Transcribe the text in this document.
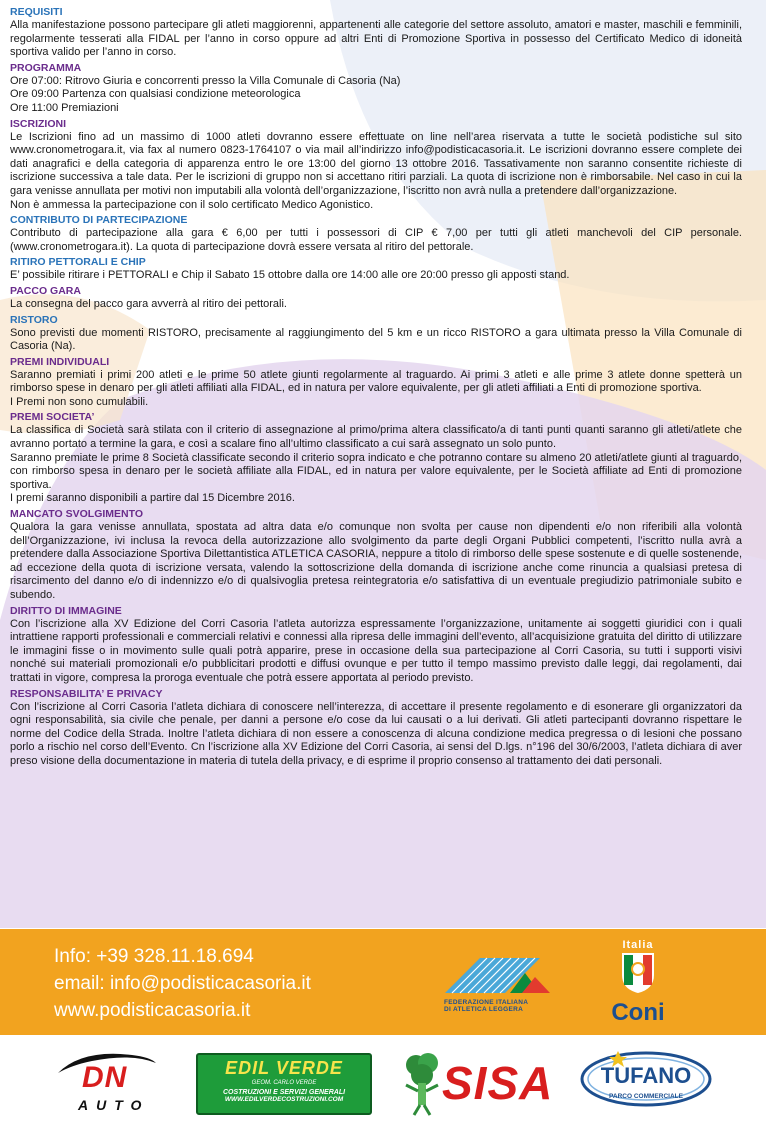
REQUISITI
Alla manifestazione possono partecipare gli atleti maggiorenni, appartenenti alle categorie del settore assoluto, amatori e master, maschili e femminili, regolarmente tesserati alla FIDAL per l’anno in corso oppure ad altri Enti di Promozione Sportiva in possesso del Certificato Medico di idoneità sportiva valido per l’anno in corso.
PROGRAMMA
Ore 07:00: Ritrovo Giuria e concorrenti presso la Villa Comunale di Casoria (Na)
Ore 09:00 Partenza con qualsiasi condizione meteorologica
Ore 11:00 Premiazioni
ISCRIZIONI
Le Iscrizioni fino ad un massimo di 1000 atleti dovranno essere effettuate on line nell’area riservata a tutte le società podistiche sul sito www.cronometrogara.it, via fax al numero 0823-1764107 o via mail all’indirizzo info@podisticacasoria.it. Le iscrizioni dovranno essere complete dei dati anagrafici e della categoria di apparenza entro le ore 13:00 del giorno 13 ottobre 2016. Tassativamente non saranno consentite richieste di iscrizione successiva a tale data. Per le iscrizioni di gruppo non si accettano ritiri parziali. La quota di iscrizione non è rimborsabile. Nel caso in cui la gara venisse annullata per motivi non imputabili alla volontà dell’organizzazione, l’iscritto non avrà nulla a pretendere dall’organizzazione.
Non è ammessa la partecipazione con il solo certificato Medico Agonistico.
CONTRIBUTO DI PARTECIPAZIONE
Contributo di partecipazione alla gara € 6,00 per tutti i possessori di CIP € 7,00 per tutti gli atleti manchevoli del CIP personale. (www.cronometrogara.it). La quota di partecipazione dovrà essere versata al ritiro del pettorale.
RITIRO PETTORALI E CHIP
E’ possibile ritirare i PETTORALI e Chip il Sabato 15 ottobre dalla ore 14:00 alle ore 20:00 presso gli apposti stand.
PACCO GARA
La consegna del pacco gara avverrà al ritiro dei pettorali.
RISTORO
Sono previsti due momenti RISTORO, precisamente al raggiungimento del 5 km e un ricco RISTORO a gara ultimata presso la Villa Comunale di Casoria (Na).
PREMI INDIVIDUALI
Saranno premiati i primi 200 atleti e le prime 50 atlete giunti regolarmente al traguardo. Ai primi 3 atleti e alle prime 3 atlete donne spetterà un rimborso spese in denaro per gli atleti affiliati alla FIDAL, ed in natura per valore equivalente, per gli atleti affiliati a Enti di promozione sportiva.
I Premi non sono cumulabili.
PREMI SOCIETA’
La classifica di Società sarà stilata con il criterio di assegnazione al primo/prima altera classificato/a di tanti punti quanti saranno gli atleti/atlete che avranno portato a termine la gara, e così a scalare fino all’ultimo classificato a cui sarà assegnato un solo punto.
Saranno premiate le prime 8 Società classificate secondo il criterio sopra indicato e che potranno contare su almeno 20 atleti/atlete giunti al traguardo, con rimborso spesa in denaro per le società affiliate alla FIDAL, ed in natura per valore equivalente, per le Società affiliate ad Enti di promozione sportiva.
I premi saranno disponibili a partire dal 15 Dicembre 2016.
MANCATO SVOLGIMENTO
Qualora la gara venisse annullata, spostata ad altra data e/o comunque non svolta per cause non dipendenti e/o non riferibili alla volontà dell’Organizzazione, ivi inclusa la revoca della autorizzazione allo svolgimento da parte degli Organi Pubblici competenti, l’iscritto nulla avrà a pretendere dalla Associazione Sportiva Dilettantistica ATLETICA CASORIA, neppure a titolo di rimborso delle spese sostenute e di quelle sostenende, ad eccezione della quota di iscrizione versata, valendo la sottoscrizione della domanda di iscrizione anche come rinuncia a qualsiasi pretesa di risarcimento del danno e/o di indennizzo e/o di qualsivoglia pretesa reintegratoria e/o satisfattiva di un eventuale pregiudizio patrimoniale subito e subendo.
DIRITTO DI IMMAGINE
Con l’iscrizione alla XV Edizione del Corri Casoria l’atleta autorizza espressamente l’organizzazione, unitamente ai soggetti giuridici con i quali intrattiene rapporti professionali e commerciali relativi e connessi alla ripresa delle immagini dell’evento, all’acquisizione gratuita del diritto di utilizzare le immagini fisse o in movimento sulle quali potrà apparire, prese in occasione della sua partecipazione al Corri Casoria, su tutti i supporti visivi nonché sui materiali promozionali e/o pubblicitari prodotti e diffusi ovunque e per tutto il tempo massimo previsto dalle leggi, dai regolamenti, dai trattati in vigore, compresa la proroga eventuale che potrà essere apportata al periodo previsto.
RESPONSABILITA’ E PRIVACY
Con l’iscrizione al Corri Casoria l’atleta dichiara di conoscere nell’interezza, di accettare il presente regolamento e di esonerare gli organizzatori da ogni responsabilità, sia civile che penale, per danni a persone e/o cose da lui causati o a lui derivati. Gli atleti partecipanti dovranno rispettare le norme del Codice della Strada. Inoltre l’atleta dichiara di non essere a conoscenza di alcuna condizione medica pregressa o di lesioni che possano porlo a rischio nel corso dell’Evento. Cn l’iscrizione alla XV Edizione del Corri Casoria, ai sensi del D.lgs. n°196 del 30/6/2003, l’atleta dichiara di aver preso visione della documentazione in materia di tutela della privacy, e di esprime il proprio consenso al trattamento dei dati personali.
Info: +39 328.11.18.694
email: info@podisticacasoria.it
www.podisticacasoria.it	FEDERAZIONE ITALIANA
DI ATLETICA LEGGERA
Italia
Coni
DN
AUTO
EDIL VERDE
GEOM. CARLO VERDE
COSTRUZIONI E SERVIZI GENERALI
WWW.EDILVERDECOSTRUZIONI.COM	SISA	TUFANO
PARCO COMMERCIALE
